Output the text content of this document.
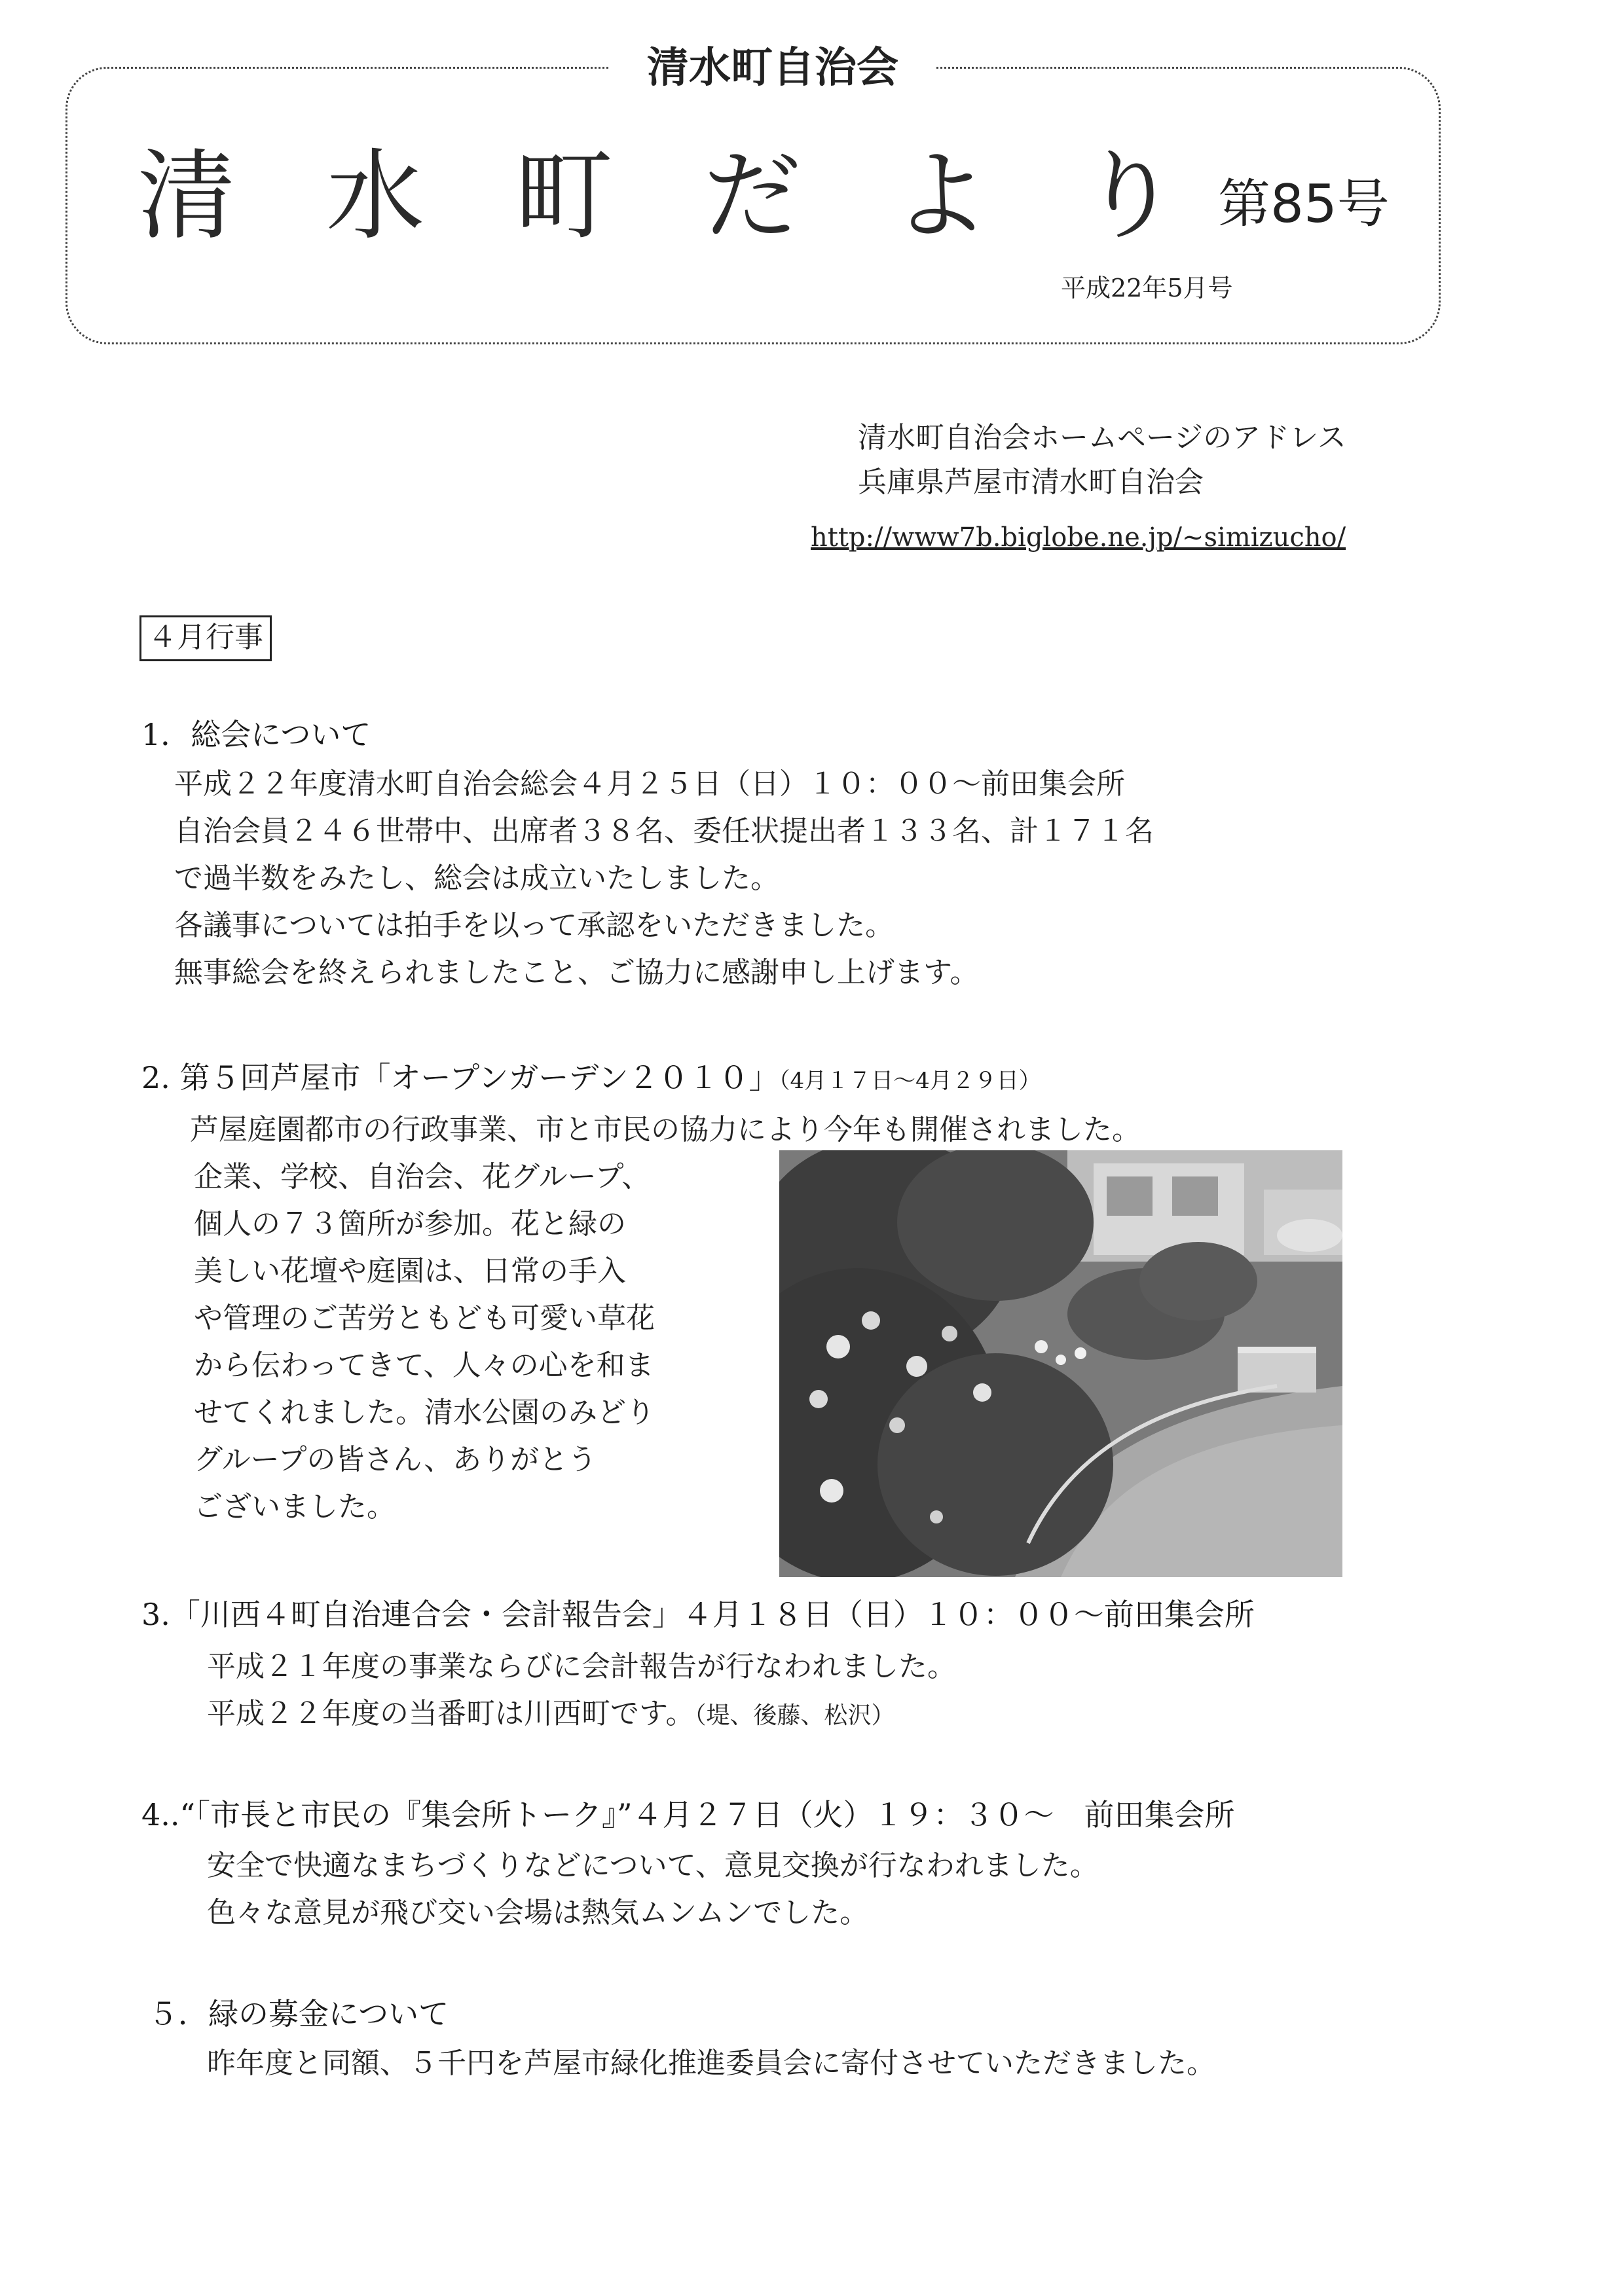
清水町自治会
清水町だより
第85号
平成22年5月号
清水町自治会ホームページのアドレス
兵庫県芦屋市清水町自治会
http://www7b.biglobe.ne.jp/~simizucho/
４月行事
1．総会について
平成２２年度清水町自治会総会４月２５日（日）１０：００～前田集会所
自治会員２４６世帯中、出席者３８名、委任状提出者１３３名、計１７１名
で過半数をみたし、総会は成立いたしました。
各議事については拍手を以って承認をいただきました。
無事総会を終えられましたこと、ご協力に感謝申し上げます。
2. 第５回芦屋市「オープンガーデン２０１０」（4月１７日～4月２９日）
芦屋庭園都市の行政事業、市と市民の協力により今年も開催されました。
企業、学校、自治会、花グループ、
個人の７３箇所が参加。花と緑の
美しい花壇や庭園は、日常の手入
や管理のご苦労ともども可愛い草花
から伝わってきて、人々の心を和ま
せてくれました。清水公園のみどり
グループの皆さん、ありがとう
ございました。
3.「川西４町自治連合会・会計報告会」４月１８日（日）１０：００～前田集会所
平成２１年度の事業ならびに会計報告が行なわれました。
平成２２年度の当番町は川西町です。（堤、後藤、松沢）
4..“「市長と市民の『集会所トーク』”４月２７日（火）１９：３０～　前田集会所
安全で快適なまちづくりなどについて、意見交換が行なわれました。
色々な意見が飛び交い会場は熱気ムンムンでした。
５．緑の募金について
昨年度と同額、５千円を芦屋市緑化推進委員会に寄付させていただきました。
